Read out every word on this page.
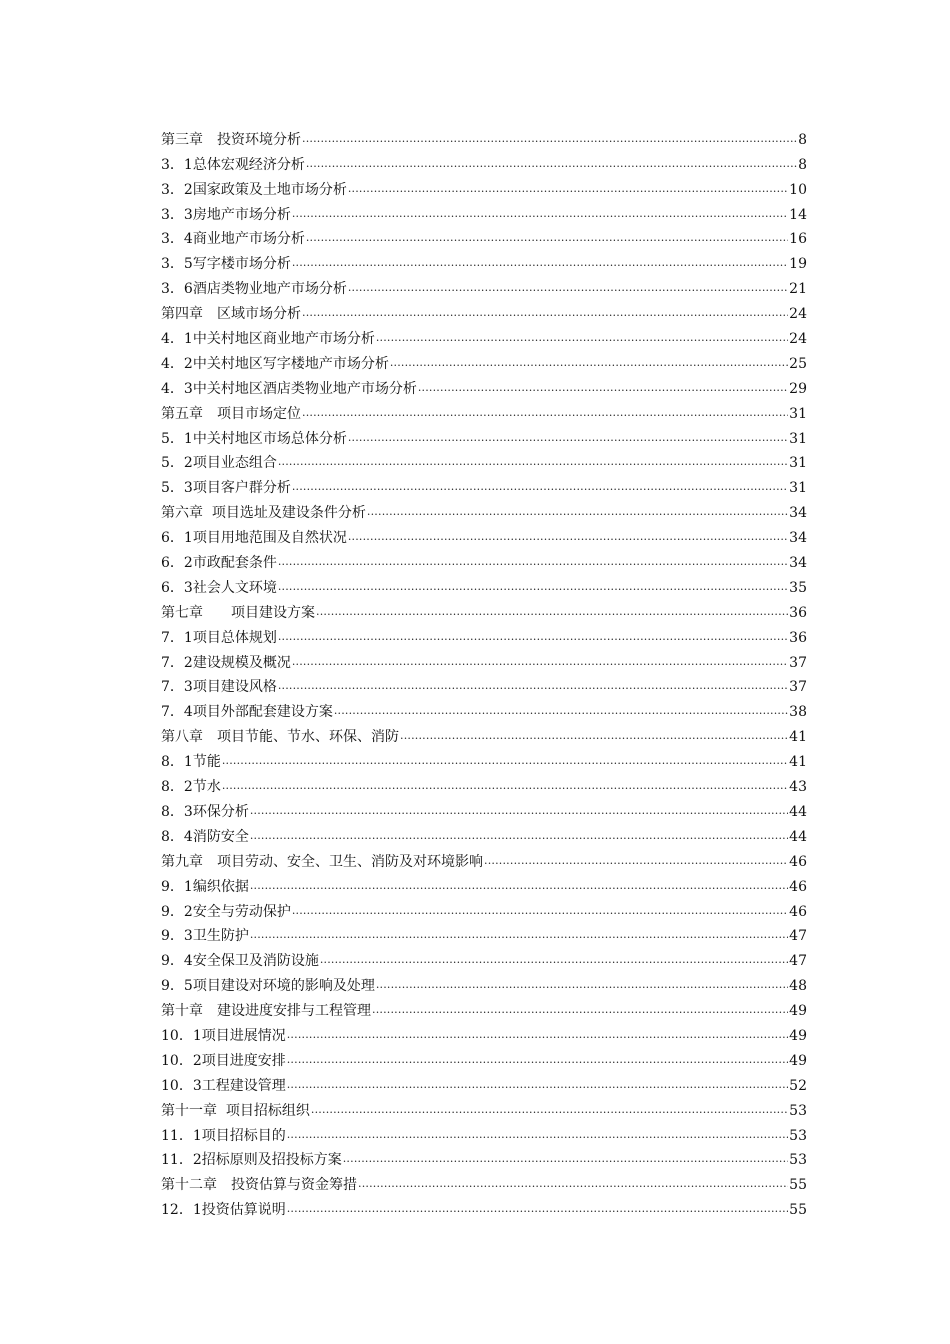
第三章　投资环境分析 .....	8
3．1总体宏观经济分析 .....	8
3．2国家政策及土地市场分析 .....	10
3．3房地产市场分析 .....	14
3．4商业地产市场分析 .....	16
3．5写字楼市场分析 .....	19
3．6酒店类物业地产市场分析 .....	21
第四章　区域市场分析 .....	24
4．1中关村地区商业地产市场分析 .....	24
4．2中关村地区写字楼地产市场分析 .....	25
4．3中关村地区酒店类物业地产市场分析 .....	29
第五章　项目市场定位 .....	31
5．1中关村地区市场总体分析 .....	31
5．2项目业态组合 .....	31
5．3项目客户群分析 .....	31
第六章  项目选址及建设条件分析 .....	34
6．1项目用地范围及自然状况 .....	34
6．2市政配套条件 .....	34
6．3社会人文环境 .....	35
第七章　　项目建设方案 .....	36
7．1项目总体规划 .....	36
7．2建设规模及概况 .....	37
7．3项目建设风格 .....	37
7．4项目外部配套建设方案 .....	38
第八章　项目节能、节水、环保、消防 .....	41
8．1节能 .....	41
8．2节水 .....	43
8．3环保分析 .....	44
8．4消防安全 .....	44
第九章　项目劳动、安全、卫生、消防及对环境影响 .....	46
9．1编织依据 .....	46
9．2安全与劳动保护 .....	46
9．3卫生防护 .....	47
9．4安全保卫及消防设施 .....	47
9．5项目建设对环境的影响及处理 .....	48
第十章　建设进度安排与工程管理 .....	49
10．1项目进展情况 .....	49
10．2项目进度安排 .....	49
10．3工程建设管理 .....	52
第十一章  项目招标组织 .....	53
11．1项目招标目的 .....	53
11．2招标原则及招投标方案 .....	53
第十二章　投资估算与资金筹措 .....	55
12．1投资估算说明 .....	55
